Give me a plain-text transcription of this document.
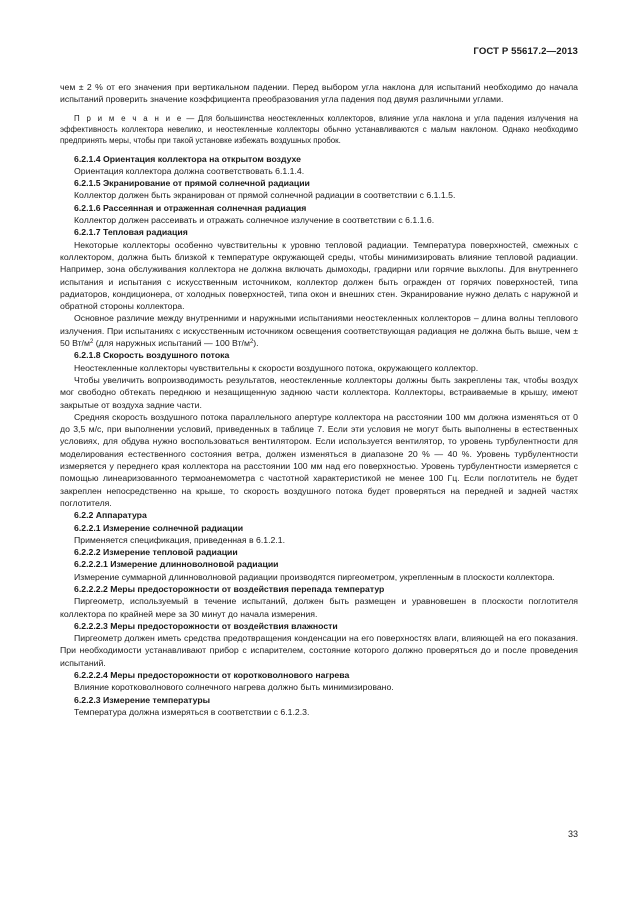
ГОСТ Р 55617.2—2013

чем ± 2 % от его значения при вертикальном падении. Перед выбором угла наклона для испытаний необходимо до начала испытаний проверить значение коэффициента преобразования угла падения под двумя различными углами.

П р и м е ч а н и е — Для большинства неостекленных коллекторов, влияние угла наклона и угла падения излучения на эффективность коллектора невелико, и неостекленные коллекторы обычно устанавливаются с малым наклоном. Однако необходимо предпринять меры, чтобы при такой установке избежать воздушных пробок.

6.2.1.4 Ориентация коллектора на открытом воздухе

Ориентация коллектора должна соответствовать 6.1.1.4.

6.2.1.5 Экранирование от прямой солнечной радиации

Коллектор должен быть экранирован от прямой солнечной радиации в соответствии с 6.1.1.5.

6.2.1.6 Рассеянная и отраженная солнечная радиация

Коллектор должен рассеивать и отражать солнечное излучение в соответствии с 6.1.1.6.

6.2.1.7 Тепловая радиация

Некоторые коллекторы особенно чувствительны к уровню тепловой радиации. Температура поверхностей, смежных с коллектором, должна быть близкой к температуре окружающей среды, чтобы минимизировать влияние тепловой радиации. Например, зона обслуживания коллектора не должна включать дымоходы, градирни или горячие выхлопы. Для внутреннего испытания и испытания с искусственным источником, коллектор должен быть огражден от горячих поверхностей, типа радиаторов, кондиционера, от холодных поверхностей, типа окон и внешних стен. Экранирование нужно делать с наружной и обратной стороны коллектора.

Основное различие между внутренними и наружными испытаниями неостекленных коллекторов – длина волны теплового излучения. При испытаниях с искусственным источником освещения соответствующая радиация не должна быть выше, чем ± 50 $Вт/м^2$ (для наружных испытаний — 100 $Вт/м^2$).

6.2.1.8 Скорость воздушного потока

Неостекленные коллекторы чувствительны к скорости воздушного потока, окружающего коллектор.

Чтобы увеличить вопроизводимость результатов, неостекленные коллекторы должны быть закреплены так, чтобы воздух мог свободно обтекать переднюю и незащищенную заднюю части коллектора. Коллекторы, встраиваемые в крышу, имеют закрытые от воздуха задние части.

Средняя скорость воздушного потока параллельного апертуре коллектора на расстоянии 100 мм должна изменяться от 0 до 3,5 м/с, при выполнении условий, приведенных в таблице 7. Если эти условия не могут быть выполнены в естественных условиях, для обдува нужно воспользоваться вентилятором. Если используется вентилятор, то уровень турбулентности для моделирования естественного состояния ветра, должен изменяться в диапазоне 20 % — 40 %. Уровень турбулентности измеряется у переднего края коллектора на расстоянии 100 мм над его поверхностью. Уровень турбулентности измеряется с помощью линеаризованного термоанемометра с частотной характеристикой не менее 100 Гц. Если поглотитель не будет закреплен непосредственно на крыше, то скорость воздушного потока будет проверяться на передней и задней частях поглотителя.

6.2.2 Аппаратура

6.2.2.1 Измерение солнечной радиации

Применяется спецификация, приведенная в 6.1.2.1.

6.2.2.2 Измерение тепловой радиации

6.2.2.2.1 Измерение длинноволновой радиации

Измерение суммарной длинноволновой радиации производятся пиргеометром, укрепленным в плоскости коллектора.

6.2.2.2.2 Меры предосторожности от воздействия перепада температур

Пиргеометр, используемый в течение испытаний, должен быть размещен и уравновешен в плоскости поглотителя коллектора по крайней мере за 30 минут до начала измерения.

6.2.2.2.3 Меры предосторожности от воздействия влажности

Пиргеометр должен иметь средства предотвращения конденсации на его поверхностях влаги, влияющей на его показания. При необходимости устанавливают прибор с испарителем, состояние которого должно проверяться до и после проведения испытаний.

6.2.2.2.4 Меры предосторожности от коротковолнового нагрева

Влияние коротковолнового солнечного нагрева должно быть минимизировано.

6.2.2.3 Измерение температуры

Температура должна измеряться в соответствии с 6.1.2.3.

33
